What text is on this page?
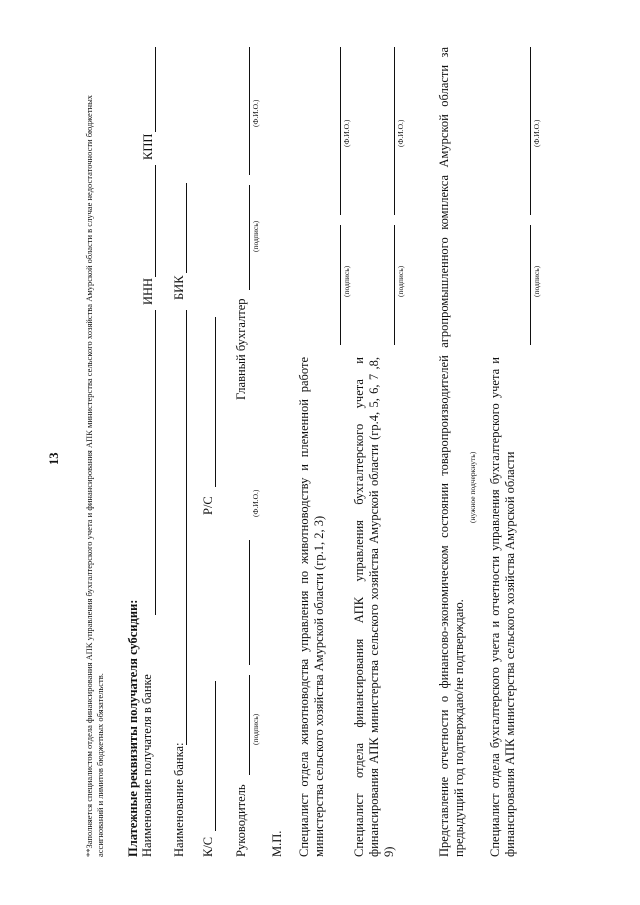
13	**Заполняется специалистом отдела финансирования АПК управления бухгалтерского учета и финансирования АПК министерства сельского хозяйства Амурской области в случае недостаточности бюджетных ассигнований и лимитов бюджетных обязательств. Платежные реквизиты получателя субсидии: Наименование получателя в банке
ИНН
КПП
Наименование банка:
БИК
К/С
Р/С
Руководитель
(подпись)
(Ф.И.О.)
Главный бухгалтер
(подпись)
(Ф.И.О.)
М.П. Специалист отдела животноводства управления по животноводству и племенной работе министерства сельского хозяйства Амурской области (гр.1, 2, 3)
(подпись)
(Ф.И.О.)
Специалист отдела финансирования АПК управления бухгалтерского учета и финансирования АПК министерства сельского хозяйства Амурской области (гр.4, 5, 6, 7 ,8, 9)
(подпись)
(Ф.И.О.)	Представление отчетности о финансово-экономическом состоянии товаропроизводителей агропромышленного комплекса Амурской области за предыдущий год подтверждаю/не подтверждаю.
(нужное подчеркнуть) Специалист отдела бухгалтерского учета и отчетности управления бухгалтерского учета и финансирования АПК министерства сельского хозяйства Амурской области
(подпись)
(Ф.И.О.)
